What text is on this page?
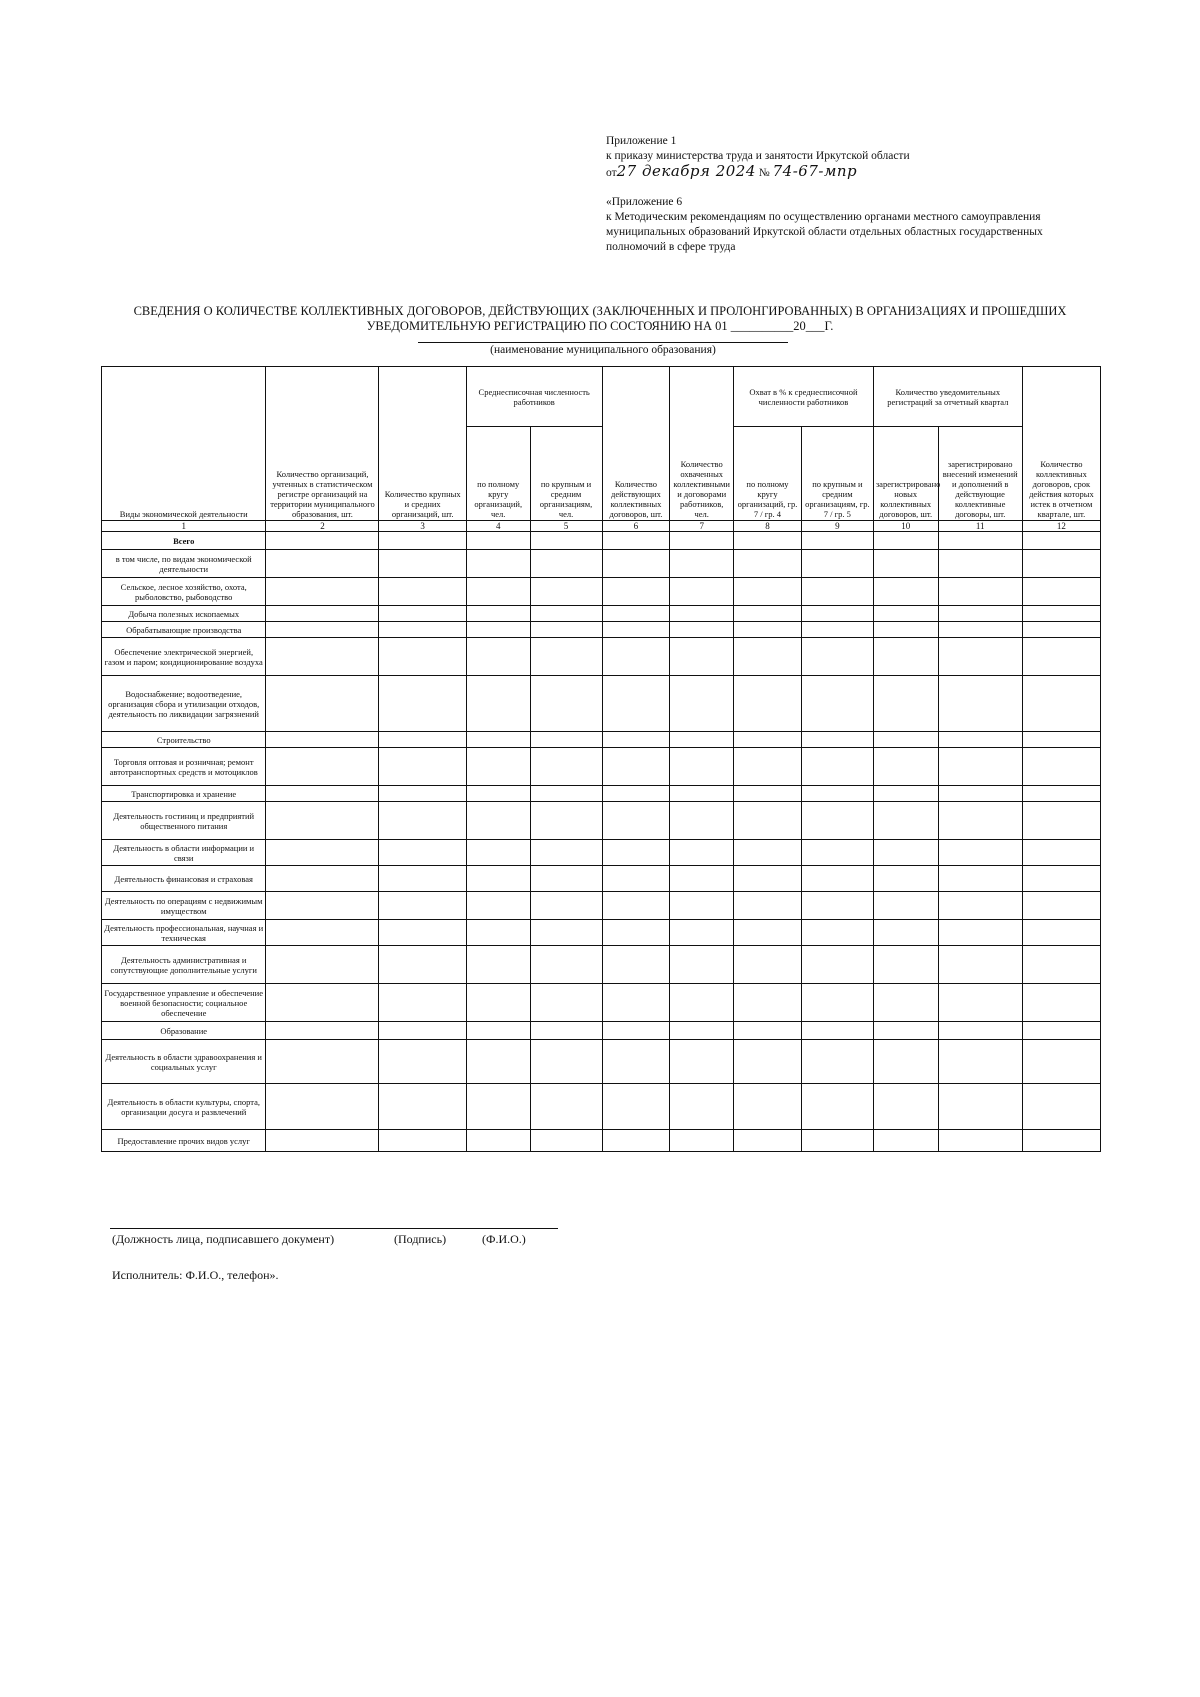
Приложение 1
к приказу министерства труда и занятости Иркутской области
от27 декабря 2024 № 74-67-мпр
«Приложение 6
к Методическим рекомендациям по осуществлению органами местного самоуправления
муниципальных образований Иркутской области отдельных областных государственных
полномочий в сфере труда
СВЕДЕНИЯ О КОЛИЧЕСТВЕ КОЛЛЕКТИВНЫХ ДОГОВОРОВ, ДЕЙСТВУЮЩИХ (ЗАКЛЮЧЕННЫХ И ПРОЛОНГИРОВАННЫХ) В ОРГАНИЗАЦИЯХ И ПРОШЕДШИХ
УВЕДОМИТЕЛЬНУЮ РЕГИСТРАЦИЮ ПО СОСТОЯНИЮ НА 01 __________20___Г.
(наименование муниципального образования)
Виды экономической деятельности	Количество организаций, учтенных в статистическом регистре организаций на территории муниципального образования, шт.	Количество крупных и средних организаций, шт.	Среднесписочная численность работников		Количество действующих коллективных договоров, шт.	Количество охваченных коллективными и договорами работников, чел.	Охват в % к среднесписочной численности работников		Количество уведомительных регистраций за отчетный квартал		Количество коллективных договоров, срок действия которых истек в отчетном квартале, шт.
			по полному кругу организаций, чел.	по крупным и средним организациям, чел.			по полному кругу организаций, гр. 7 / гр. 4	по крупным и средним организациям, гр. 7 / гр. 5	зарегистрировано новых коллективных договоров, шт.	зарегистрировано внесений изменений и дополнений в действующие коллективные договоры, шт.	
1	2	3	4	5	6	7	8	9	10	11	12
Всего											
в том числе, по видам экономической деятельности											
Сельское, лесное хозяйство, охота, рыболовство, рыбоводство											
Добыча полезных ископаемых											
Обрабатывающие производства											
Обеспечение электрической энергией, газом и паром; кондиционирование воздуха											
Водоснабжение; водоотведение, организация сбора и утилизации отходов, деятельность по ликвидации загрязнений											
Строительство											
Торговля оптовая и розничная; ремонт автотранспортных средств и мотоциклов											
Транспортировка и хранение											
Деятельность гостиниц и предприятий общественного питания											
Деятельность в области информации и связи											
Деятельность финансовая и страховая											
Деятельность по операциям с недвижимым имуществом											
Деятельность профессиональная, научная и техническая											
Деятельность административная и сопутствующие дополнительные услуги											
Государственное управление и обеспечение военной безопасности; социальное обеспечение											
Образование											
Деятельность в области здравоохранения и социальных услуг											
Деятельность в области культуры, спорта, организации досуга и развлечений											
Предоставление прочих видов услуг											
(Должность лица, подписавшего документ)	(Подпись)	(Ф.И.О.)
Исполнитель: Ф.И.О., телефон».
